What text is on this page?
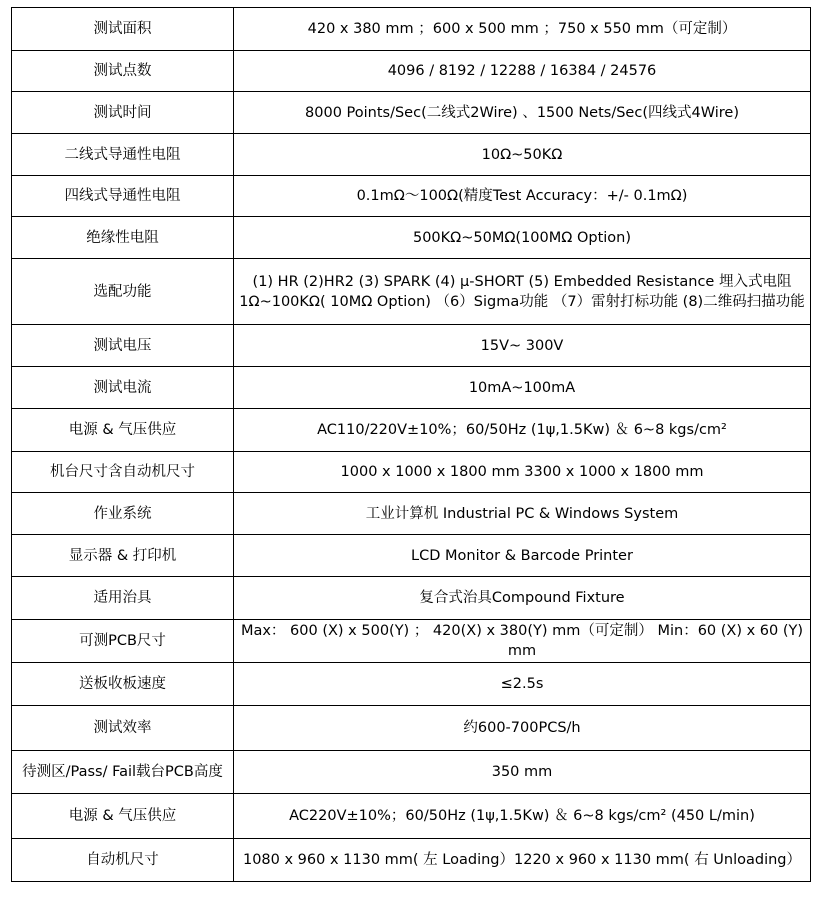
测试面积	420 x 380 mm ；600 x 500 mm ；750 x 550 mm（可定制）
测试点数	4096 / 8192 / 12288 / 16384 / 24576
测试时间	8000 Points/Sec(二线式2Wire) 、1500 Nets/Sec(四线式4Wire)
二线式导通性电阻	10Ω~50KΩ
四线式导通性电阻	0.1mΩ～100Ω(精度Test Accuracy：+/- 0.1mΩ)
绝缘性电阻	500KΩ~50MΩ(100MΩ Option)
选配功能	(1) HR (2)HR2 (3) SPARK (4) μ-SHORT (5) Embedded Resistance 埋入式电阻1Ω~100KΩ( 10MΩ Option) （6）Sigma功能 （7）雷射打标功能 (8)二维码扫描功能
测试电压	15V~ 300V
测试电流	10mA~100mA
电源 & 气压供应	AC110/220V±10%；60/50Hz (1ψ,1.5Kw) ＆ 6~8 kgs/cm²
机台尺寸含自动机尺寸	1000 x 1000 x 1800 mm 3300 x 1000 x 1800 mm
作业系统	工业计算机 Industrial PC & Windows System
显示器 & 打印机	LCD Monitor & Barcode Printer
适用治具	复合式治具Compound Fixture
可测PCB尺寸	Max： 600 (X) x 500(Y) ； 420(X) x 380(Y) mm（可定制） Min：60 (X) x 60 (Y) mm
送板收板速度	≤2.5s
测试效率	约600-700PCS/h
待测区/Pass/ Fail载台PCB高度	350 mm
电源 & 气压供应	AC220V±10%；60/50Hz (1ψ,1.5Kw) ＆ 6~8 kgs/cm² (450 L/min)
自动机尺寸	1080 x 960 x 1130 mm( 左 Loading）1220 x 960 x 1130 mm( 右 Unloading）
